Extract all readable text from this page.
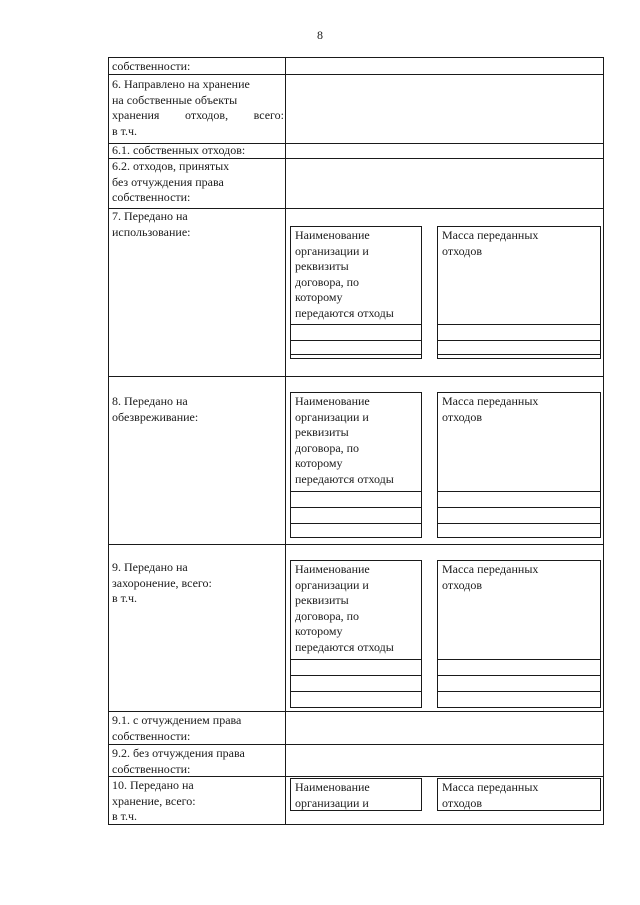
8
собственности:
6. Направлено на хранение
на собственные объекты
хранения отходов, всего:
в т.ч.
6.1. собственных отходов:
6.2. отходов, принятых
без отчуждения права
собственности:
7. Передано на
использование:	Наименование
организации и
реквизиты
договора, по
которому
передаются отходы
Масса переданных
отходов
8. Передано на
обезвреживание:
Наименование
организации и
реквизиты
договора, по
которому
передаются отходы
Масса переданных
отходов
9. Передано на
захоронение, всего:
в т.ч.
Наименование
организации и
реквизиты
договора, по
которому
передаются отходы
Масса переданных
отходов
9.1. с отчуждением права
собственности:
9.2. без отчуждения права
собственности:
10. Передано на
хранение, всего:
в т.ч.
Наименование
организации и
Масса переданных
отходов
